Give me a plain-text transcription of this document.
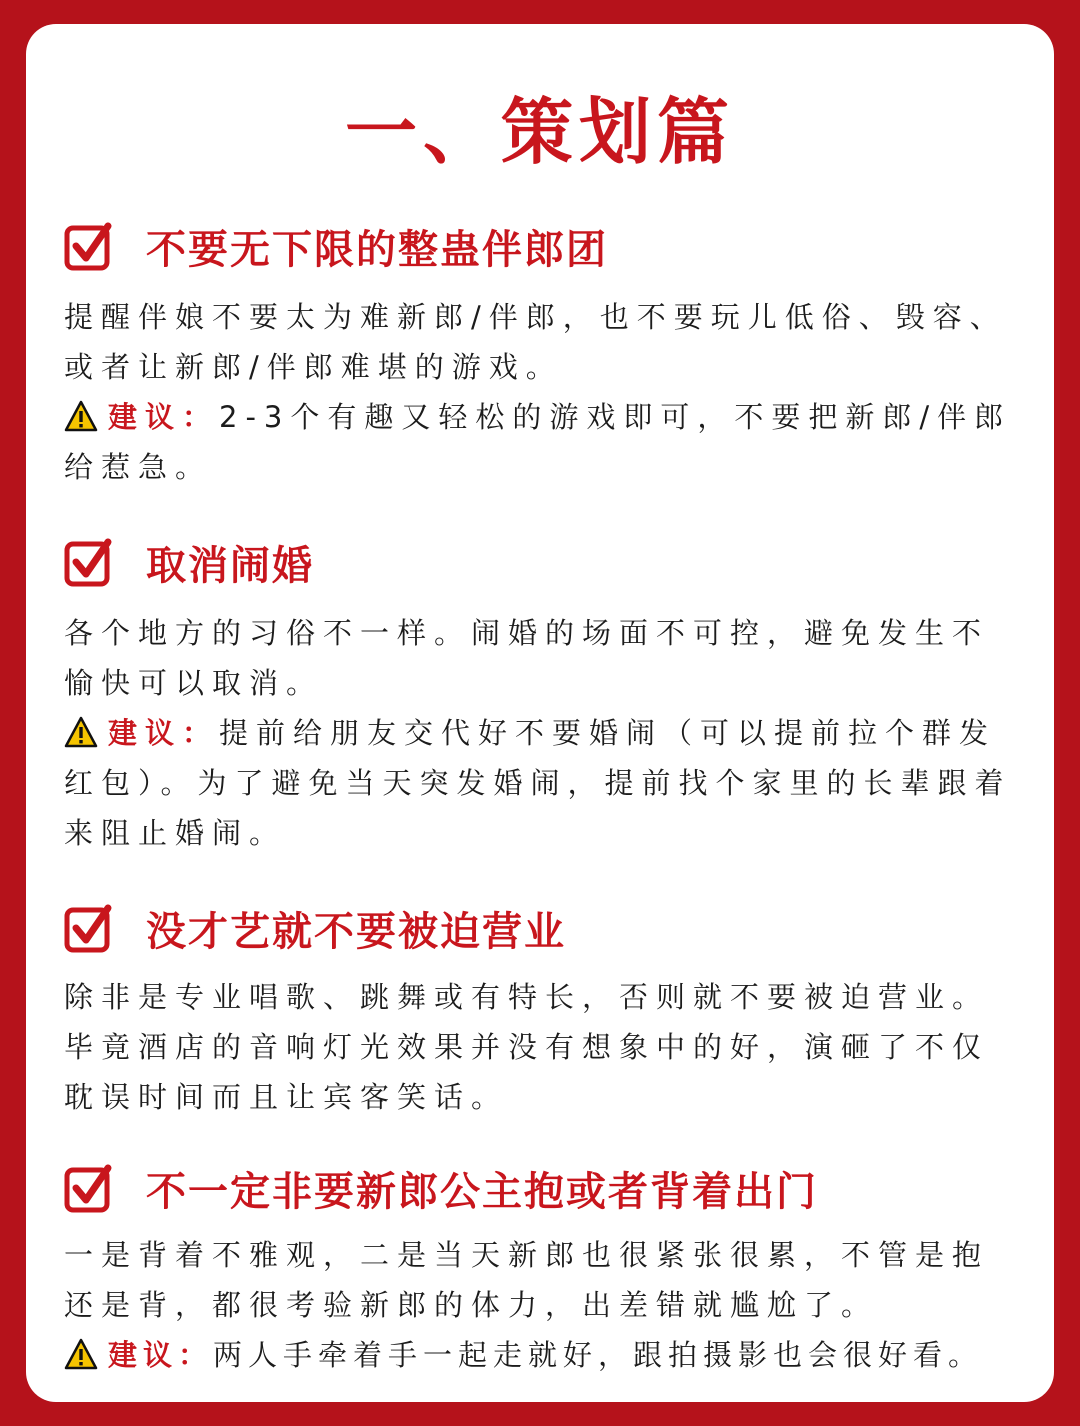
一、策划篇
不要无下限的整蛊伴郎团

提醒伴娘不要太为难新郎/伴郎，也不要玩儿低俗、毁容、或者让新郎/伴郎难堪的游戏。

建议：2-3个有趣又轻松的游戏即可，不要把新郎/伴郎给惹急。

取消闹婚

各个地方的习俗不一样。闹婚的场面不可控，避免发生不愉快可以取消。

建议：提前给朋友交代好不要婚闹（可以提前拉个群发红包）。为了避免当天突发婚闹，提前找个家里的长辈跟着来阻止婚闹。

没才艺就不要被迫营业

除非是专业唱歌、跳舞或有特长，否则就不要被迫营业。毕竟酒店的音响灯光效果并没有想象中的好，演砸了不仅耽误时间而且让宾客笑话。

不一定非要新郎公主抱或者背着出门

一是背着不雅观，二是当天新郎也很紧张很累，不管是抱还是背，都很考验新郎的体力，出差错就尴尬了。

建议：两人手牵着手一起走就好，跟拍摄影也会很好看。
